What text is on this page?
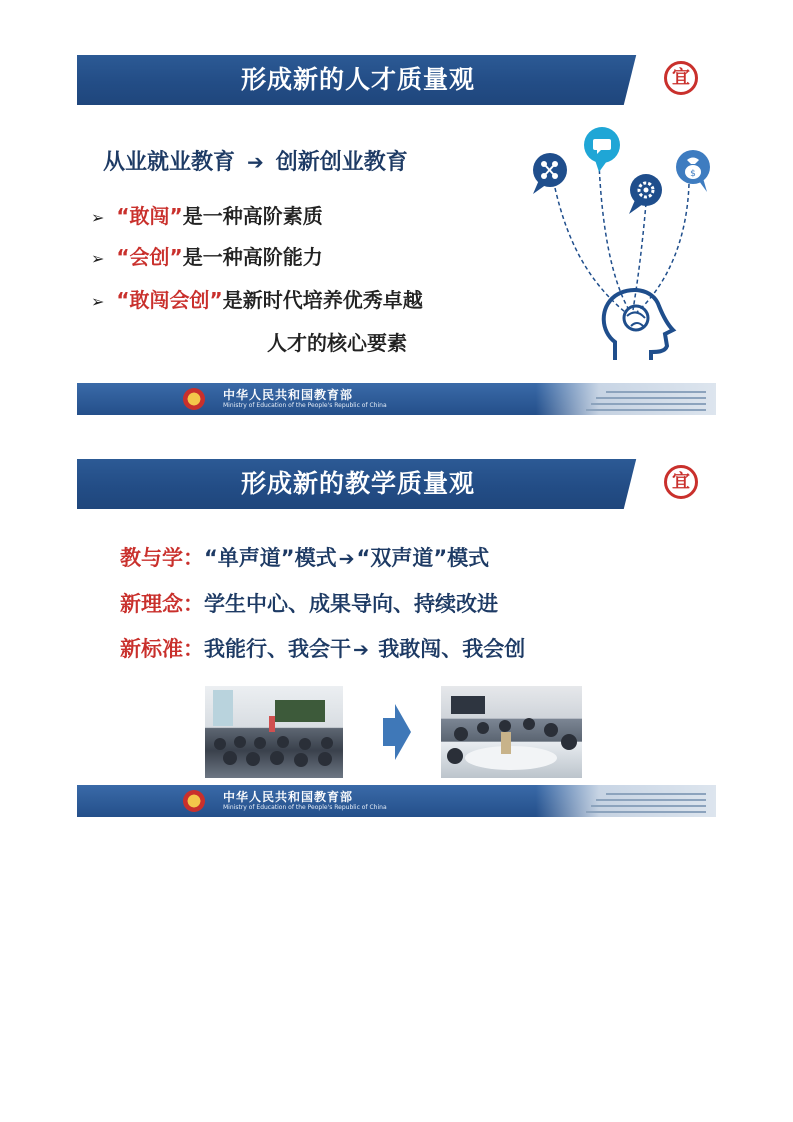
形成新的人才质量观	宜
从业就业教育 ➔ 创新创业教育
➢ “敢闯”是一种高阶素质
➢ “会创”是一种高阶能力
➢ “敢闯会创”是新时代培养优秀卓越
人才的核心要素
$
中华人民共和国教育部
Ministry of Education of the People's Republic of China
形成新的教学质量观	宜
教与学：“单声道”模式 ➔“双声道”模式
新理念：学生中心、成果导向、持续改进
新标准：我能行、我会干 ➔ 我敢闯、我会创
中华人民共和国教育部
Ministry of Education of the People's Republic of China
